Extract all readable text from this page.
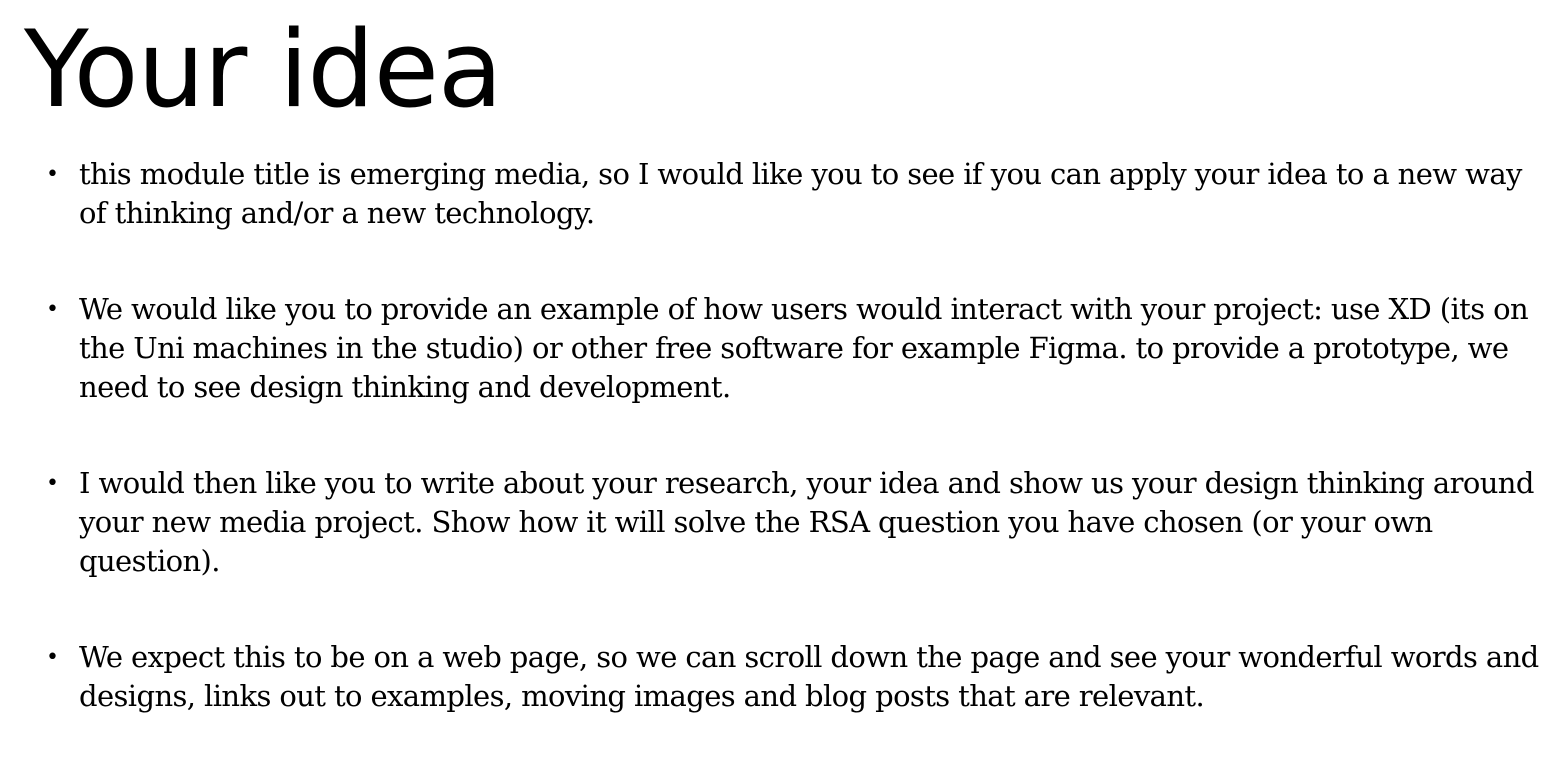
Your idea
• this module title is emerging media, so I would like you to see if you can apply your idea to a new way of thinking and/or a new technology.
• We would like you to provide an example of how users would interact with your project: use XD (its on the Uni machines in the studio) or other free software for example Figma. to provide a prototype, we need to see design thinking and development.
• I would then like you to write about your research, your idea and show us your design thinking around your new media project. Show how it will solve the RSA question you have chosen (or your own question).
• We expect this to be on a web page, so we can scroll down the page and see your wonderful words and designs, links out to examples, moving images and blog posts that are relevant.
